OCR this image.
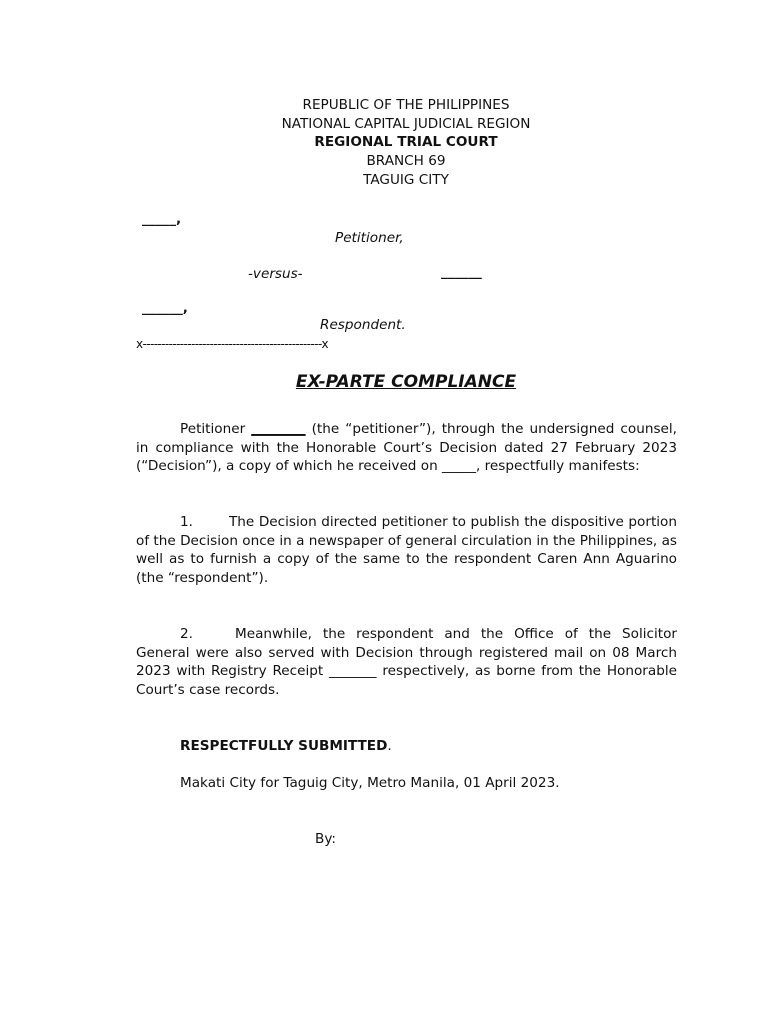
REPUBLIC OF THE PHILIPPINES
NATIONAL CAPITAL JUDICIAL REGION
REGIONAL TRIAL COURT
BRANCH 69
TAGUIG CITY
_____,
Petitioner,
-versus-	______
______,
Respondent.
x------------------------------------------------x
EX-PARTE COMPLIANCE
Petitioner ________ (the “petitioner”), through the undersigned counsel, in compliance with the Honorable Court’s Decision dated 27 February 2023 (“Decision”), a copy of which he received on _____, respectfully manifests:
1.	The Decision directed petitioner to publish the dispositive portion of the Decision once in a newspaper of general circulation in the Philippines, as well as to furnish a copy of the same to the respondent Caren Ann Aguarino (the “respondent”).
2.	Meanwhile, the respondent and the Office of the Solicitor General were also served with Decision through registered mail on 08 March 2023 with Registry Receipt _______ respectively, as borne from the Honorable Court’s case records.
RESPECTFULLY SUBMITTED.
Makati City for Taguig City, Metro Manila, 01 April 2023.
By:
